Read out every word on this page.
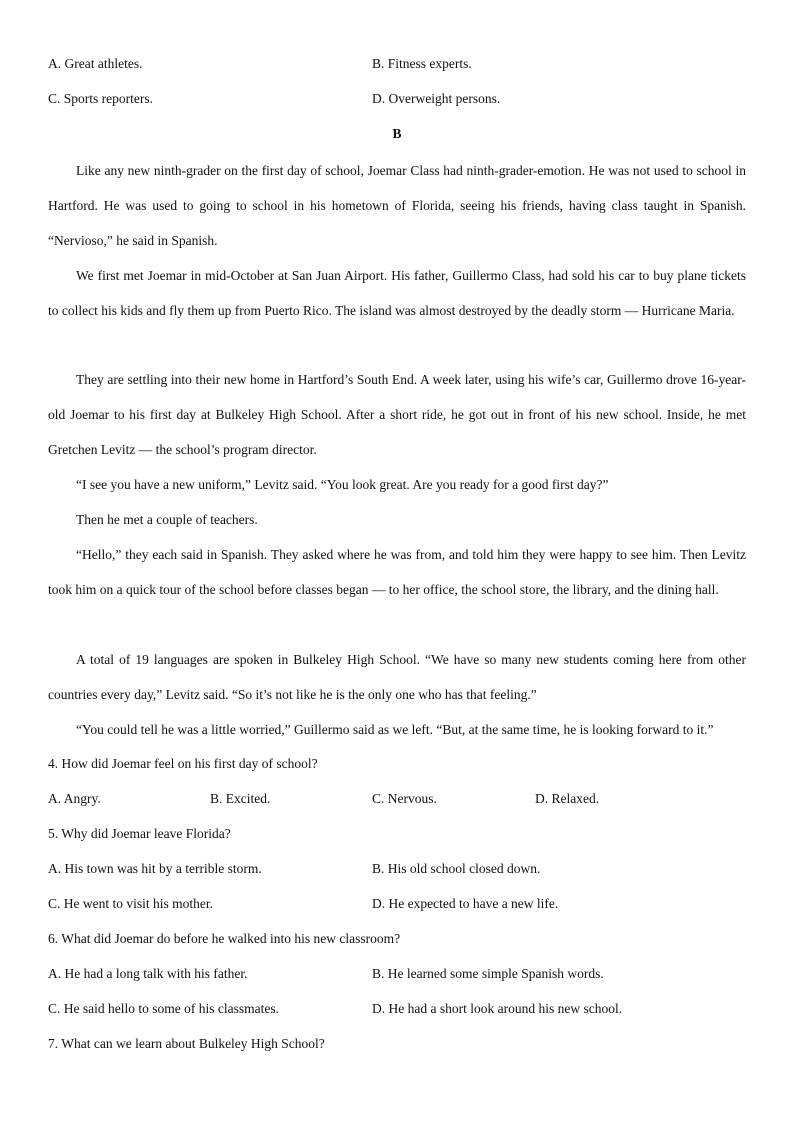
A. Great athletes.	B. Fitness experts.
C. Sports reporters.	D. Overweight persons.
B
Like any new ninth-grader on the first day of school, Joemar Class had ninth-grader-emotion. He was not used to school in Hartford. He was used to going to school in his hometown of Florida, seeing his friends, having class taught in Spanish. “Nervioso,” he said in Spanish.
We first met Joemar in mid-October at San Juan Airport. His father, Guillermo Class, had sold his car to buy plane tickets to collect his kids and fly them up from Puerto Rico. The island was almost destroyed by the deadly storm — Hurricane Maria.
They are settling into their new home in Hartford’s South End. A week later, using his wife’s car, Guillermo drove 16-year-old Joemar to his first day at Bulkeley High School. After a short ride, he got out in front of his new school. Inside, he met Gretchen Levitz — the school’s program director.
“I see you have a new uniform,” Levitz said. “You look great. Are you ready for a good first day?”
Then he met a couple of teachers.
“Hello,” they each said in Spanish. They asked where he was from, and told him they were happy to see him. Then Levitz took him on a quick tour of the school before classes began — to her office, the school store, the library, and the dining hall.
A total of 19 languages are spoken in Bulkeley High School. “We have so many new students coming here from other countries every day,” Levitz said. “So it’s not like he is the only one who has that feeling.”
“You could tell he was a little worried,” Guillermo said as we left. “But, at the same time, he is looking forward to it.”
4. How did Joemar feel on his first day of school?
A. Angry.	B. Excited.	C. Nervous.	D. Relaxed.
5. Why did Joemar leave Florida?
A. His town was hit by a terrible storm.	B. His old school closed down.
C. He went to visit his mother.	D. He expected to have a new life.
6. What did Joemar do before he walked into his new classroom?
A. He had a long talk with his father.	B. He learned some simple Spanish words.
C. He said hello to some of his classmates.	D. He had a short look around his new school.
7. What can we learn about Bulkeley High School?
